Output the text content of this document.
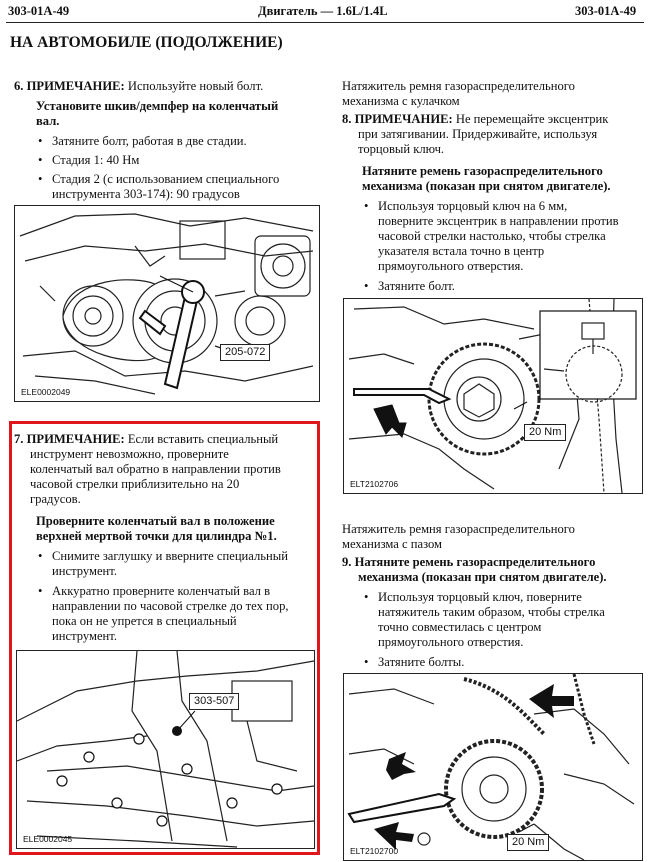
303-01A-49	Двигатель — 1.6L/1.4L	303-01A-49
НА АВТОМОБИЛЕ (ПОДОЛЖЕНИЕ)
6. ПРИМЕЧАНИЕ: Используйте новый болт.
Установите шкив/демпфер на коленчатый
вал.
• Затяните болт, работая в две стадии.
• Стадия 1: 40 Нм
• Стадия 2 (с использованием специального
инструмента 303-174): 90 градусов
205-072
ELE0002049
7. ПРИМЕЧАНИЕ: Если вставить специальный
инструмент невозможно, проверните
коленчатый вал обратно в направлении против
часовой стрелки приблизительно на 20
градусов.
Проверните коленчатый вал в положение
верхней мертвой точки для цилиндра №1.
• Снимите заглушку и вверните специальный
инструмент.
• Аккуратно проверните коленчатый вал в
направлении по часовой стрелке до тех пор,
пока он не упрется в специальный
инструмент.
303-507
ELE0002045
Натяжитель ремня газораспределительного
механизма с кулачком
8. ПРИМЕЧАНИЕ: Не перемещайте эксцентрик
при затягивании. Придерживайте, используя
торцовый ключ.
Натяните ремень газораспределительного
механизма (показан при снятом двигателе).
• Используя торцовый ключ на 6 мм,
поверните эксцентрик в направлении против
часовой стрелки настолько, чтобы стрелка
указателя встала точно в центр
прямоугольного отверстия.
• Затяните болт.
20 Nm
ELT2102706
Натяжитель ремня газораспределительного
механизма с пазом
9. Натяните ремень газораспределительного
механизма (показан при снятом двигателе).
• Используя торцовый ключ, поверните
натяжитель таким образом, чтобы стрелка
точно совместилась с центром
прямоугольного отверстия.
• Затяните болты.
20 Nm
ELT2102700
